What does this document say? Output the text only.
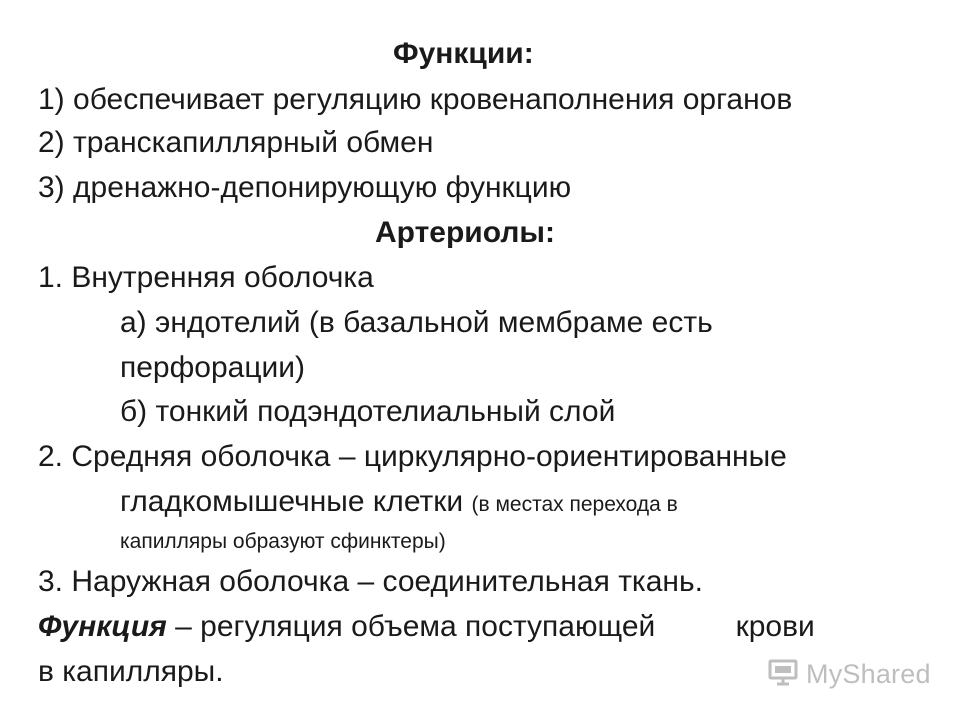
Функции:
1) обеспечивает регуляцию кровенаполнения органов
2) транскапиллярный обмен
3) дренажно-депонирующую функцию
Артериолы:
1. Внутренняя оболочка
а) эндотелий (в базальной мембраме есть
перфорации)
б) тонкий подэндотелиальный слой
2. Средняя оболочка – циркулярно-ориентированные
гладкомышечные клетки (в местах перехода в
капилляры образуют сфинктеры)
3. Наружная оболочка – соединительная ткань.
Функция – регуляция объема поступающей крови
в капилляры.	MyShared
